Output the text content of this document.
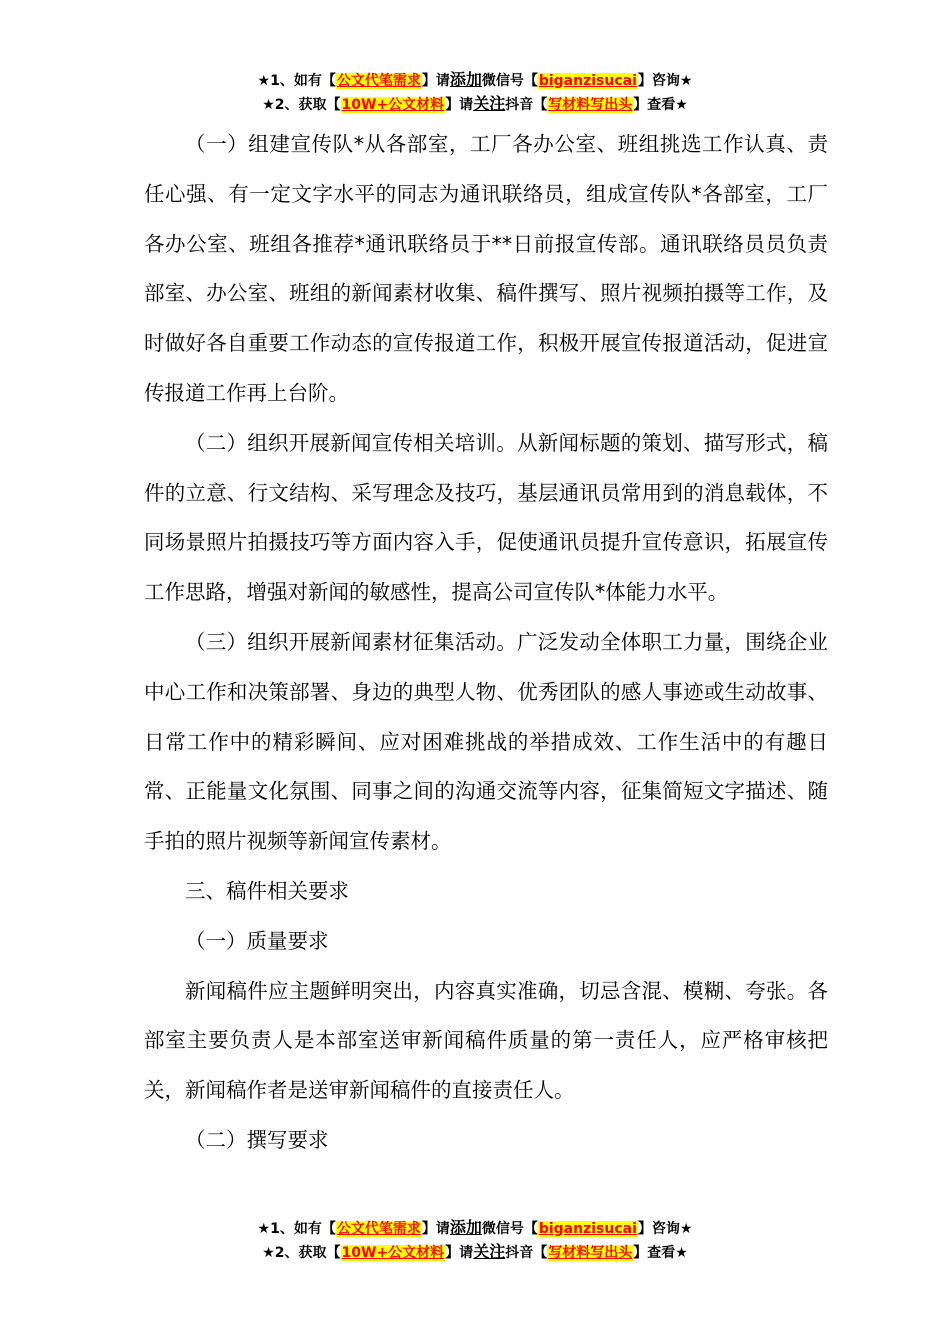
★1、如有【公文代笔需求】请添加微信号【biganzisucai】咨询★
★2、获取【10W+公文材料】请关注抖音【写材料写出头】查看★

（一）组建宣传队*从各部室，工厂各办公室、班组挑选工作认真、责任心强、有一定文字水平的同志为通讯联络员，组成宣传队*各部室，工厂各办公室、班组各推荐*通讯联络员于**日前报宣传部。通讯联络员员负责部室、办公室、班组的新闻素材收集、稿件撰写、照片视频拍摄等工作，及时做好各自重要工作动态的宣传报道工作，积极开展宣传报道活动，促进宣传报道工作再上台阶。

（二）组织开展新闻宣传相关培训。从新闻标题的策划、描写形式，稿件的立意、行文结构、采写理念及技巧，基层通讯员常用到的消息载体，不同场景照片拍摄技巧等方面内容入手，促使通讯员提升宣传意识，拓展宣传工作思路，增强对新闻的敏感性，提高公司宣传队*体能力水平。

（三）组织开展新闻素材征集活动。广泛发动全体职工力量，围绕企业中心工作和决策部署、身边的典型人物、优秀团队的感人事迹或生动故事、日常工作中的精彩瞬间、应对困难挑战的举措成效、工作生活中的有趣日常、正能量文化氛围、同事之间的沟通交流等内容，征集简短文字描述、随手拍的照片视频等新闻宣传素材。

三、稿件相关要求

（一）质量要求

新闻稿件应主题鲜明突出，内容真实准确，切忌含混、模糊、夸张。各部室主要负责人是本部室送审新闻稿件质量的第一责任人，应严格审核把关，新闻稿作者是送审新闻稿件的直接责任人。

（二）撰写要求

★1、如有【公文代笔需求】请添加微信号【biganzisucai】咨询★
★2、获取【10W+公文材料】请关注抖音【写材料写出头】查看★
